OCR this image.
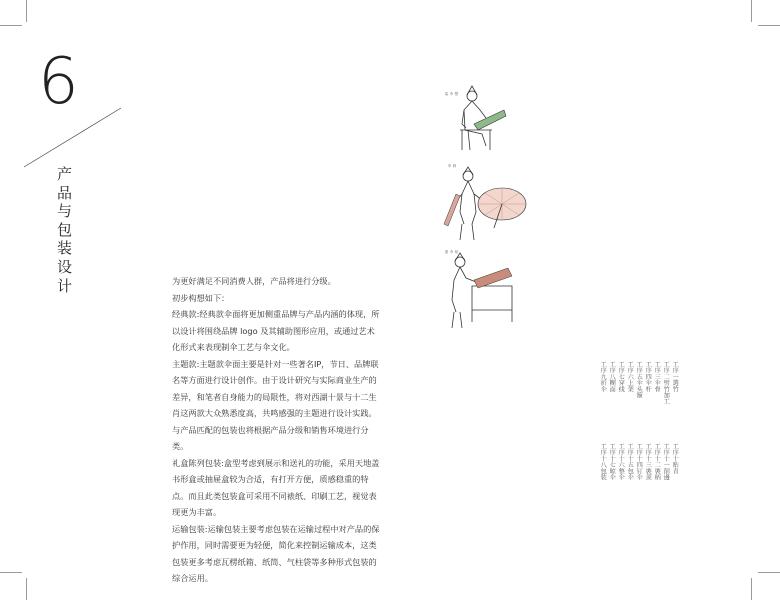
6
产品与包装设计	为更好满足不同消费人群，产品将进行分级。

初步构想如下：

经典款:经典款伞面将更加侧重品牌与产品内涵的体现，所以设计将围绕品牌 logo 及其辅助图形应用，或通过艺术化形式来表现制伞工艺与伞文化。

主题款:主题款伞面主要是针对一些著名IP，节日、品牌联名等方面进行设计创作。由于设计研究与实际商业生产的差异，和笔者自身能力的局限性，将对西湖十景与十二生肖这两款大众熟悉度高，共鸣感强的主题进行设计实践。

与产品匹配的包装也将根据产品分级和销售环境进行分类。

礼盒陈列包装:盒型考虑到展示和送礼的功能，采用天地盖书形盒或抽屉盒较为合适，有打开方便，质感稳重的特点。而且此类包装盒可采用不同裱纸、印刷工艺，视觉表现更为丰富。

运输包装:运输包装主要考虑包装在运输过程中对产品的保护作用，同时需要更为轻便，简化来控制运输成本，这类包装更多考虑瓦楞纸箱、纸筒、气柱袋等多种形式包装的综合运用。

整伞架
制伞
贴伞面
工序一選竹
工序二劈竹加工
工序三伞骨
工序四伞杆
工序五伞头箍
工序六上架
工序七穿线
工序八糊面
工序九折伞
工序十贴青
工序十一削邊
工序十二裝柄
工序十三裝顶
工序十四钉伞
工序十五包伞
工序十六整伞
工序十七晾伞
工序十八包装
